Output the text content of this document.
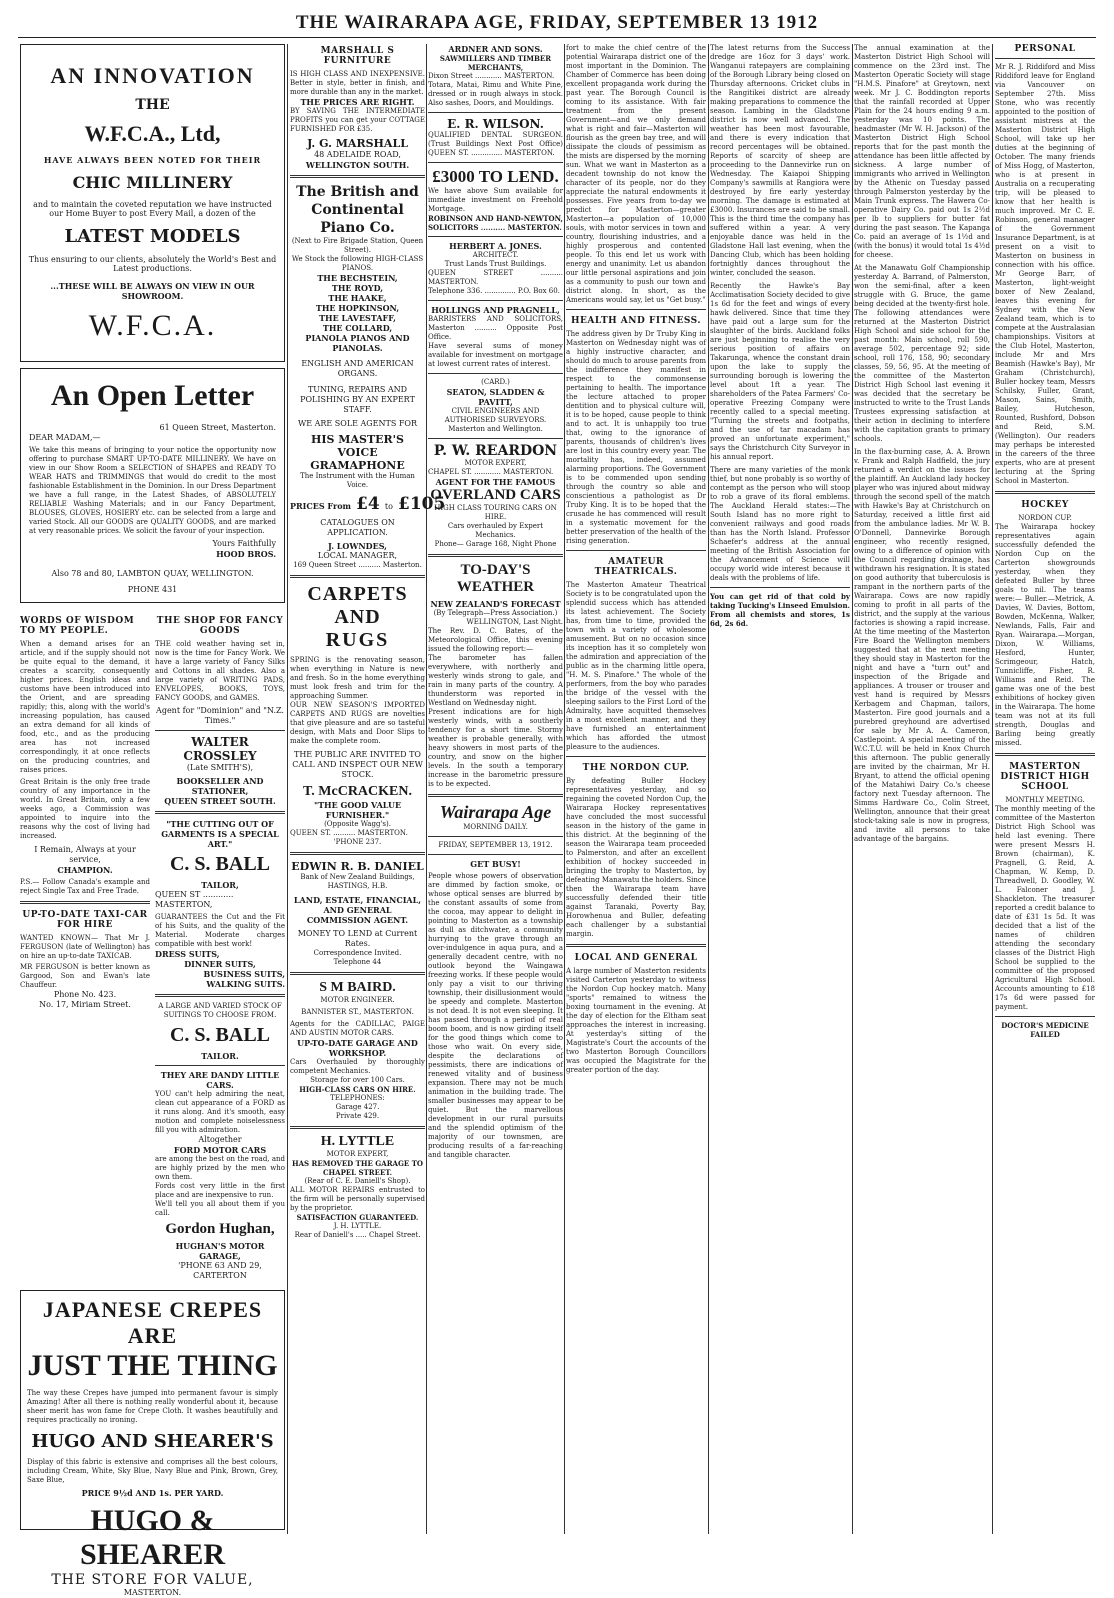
THE WAIRARAPA AGE, FRIDAY, SEPTEMBER 13 1912
AN INNOVATION
THE
W.F.C.A., Ltd,
HAVE ALWAYS BEEN NOTED FOR THEIR
CHIC MILLINERY
and to maintain the coveted reputation we have instructed our Home Buyer to post Every Mail, a dozen of the
LATEST MODELS
Thus ensuring to our clients, absolutely the World's Best and Latest productions.
...THESE WILL BE ALWAYS ON VIEW IN OUR SHOWROOM.
W.F.C.A.
An Open Letter
61 Queen Street, Masterton.
DEAR MADAM,—
We take this means of bringing to your notice the opportunity now offering to purchase SMART UP-TO-DATE MILLINERY. We have on view in our Show Room a SELECTION of SHAPES and READY TO WEAR HATS and TRIMMINGS that would do credit to the most fashionable Establishment in the Dominion. In our Dress Department we have a full range, in the Latest Shades, of ABSOLUTELY RELIABLE Washing Materials; and in our Fancy Department, BLOUSES, GLOVES, HOSIERY etc. can be selected from a large and varied Stock. All our GOODS are QUALITY GOODS, and are marked at very reasonable prices. We solicit the favour of your inspection.
Yours Faithfully
HOOD BROS.
Also 78 and 80, LAMBTON QUAY, WELLINGTON.
PHONE 431
WORDS OF WISDOM TO MY PEOPLE.
When a demand arises for an article, and if the supply should not be quite equal to the demand, it creates a scarcity, consequently higher prices. English ideas and customs have been introduced into the Orient, and are spreading rapidly; this, along with the world's increasing population, has caused an extra demand for all kinds of food, etc., and as the producing area has not increased correspondingly, it at once reflects on the producing countries, and raises prices.
Great Britain is the only free trade country of any importance in the world. In Great Britain, only a few weeks ago, a Commission was appointed to inquire into the reasons why the cost of living had increased.
I Remain, Always at your service,
CHAMPION.
P.S.— Follow Canada's example and reject Single Tax and Free Trade.
UP-TO-DATE TAXI-CAR FOR HIRE
WANTED KNOWN— That Mr J. FERGUSON (late of Wellington) has on hire an up-to-date TAXICAB.
MR FERGUSON is better known as Gargood, Son and Ewan's late Chauffeur.
Phone No. 423.
No. 17, Miriam Street.
THE SHOP FOR FANCY GOODS
THE cold weather having set in, now is the time for Fancy Work. We have a large variety of Fancy Silks and Cottons in all shades. Also a large variety of WRITING PADS, ENVELOPES, BOOKS, TOYS, FANCY GOODS, and GAMES.
Agent for "Dominion" and "N.Z. Times."
WALTER CROSSLEY
(Late SMITH'S),
BOOKSELLER AND STATIONER,
QUEEN STREET SOUTH.
"THE CUTTING OUT OF GARMENTS IS A SPECIAL ART."
C. S. BALL
TAILOR,
QUEEN ST ............ MASTERTON,
GUARANTEES the Cut and the Fit of his Suits, and the quality of the Material. Moderate charges compatible with best work!
DRESS SUITS,
DINNER SUITS,
BUSINESS SUITS,
WALKING SUITS.
A LARGE AND VARIED STOCK OF SUITINGS TO CHOOSE FROM.
C. S. BALL
TAILOR.
THEY ARE DANDY LITTLE CARS.
YOU can't help admiring the neat, clean cut appearance of a FORD as it runs along. And it's smooth, easy motion and complete noiselessness fill you with admiration.
Altogether
FORD MOTOR CARS
are among the best on the road, and are highly prized by the men who own them.
Fords cost very little in the first place and are inexpensive to run.
We'll tell you all about them if you call.
Gordon Hughan,
HUGHAN'S MOTOR GARAGE,
'PHONE 63 AND 29, CARTERTON
JAPANESE CREPES ARE
JUST THE THING
The way these Crepes have jumped into permanent favour is simply Amazing! After all there is nothing really wonderful about it, because sheer merit has won fame for Crepe Cloth. It washes beautifully and requires practically no ironing.
HUGO AND SHEARER'S
Display of this fabric is extensive and comprises all the best colours, including Cream, White, Sky Blue, Navy Blue and Pink, Brown, Grey, Saxe Blue,
PRICE 9½d AND 1s. PER YARD.
HUGO & SHEARER
THE STORE FOR VALUE,
MASTERTON.
MARSHALL S FURNITURE
IS HIGH CLASS AND INEXPENSIVE. Better in style, better in finish, and more durable than any in the market.
THE PRICES ARE RIGHT.
BY SAVING THE INTERMEDIATE PROFITS you can get your COTTAGE FURNISHED FOR £35.
J. G. MARSHALL
48 ADELAIDE ROAD,
WELLINGTON SOUTH.
The British and Continental Piano Co.
(Next to Fire Brigade Station, Queen Street).
We Stock the following HIGH-CLASS PIANOS.
THE BECHSTEIN,
THE ROYD,
THE HAAKE,
THE HOPKINSON,
THE LAVESTAFF,
THE COLLARD,
PIANOLA PIANOS AND PIANOLAS.
ENGLISH AND AMERICAN ORGANS.
TUNING, REPAIRS AND POLISHING BY AN EXPERT STAFF.
WE ARE SOLE AGENTS FOR
HIS MASTER'S VOICE
GRAMAPHONE
The Instrument with the Human Voice.
PRICES From £4 to £105
CATALOGUES ON APPLICATION.
J. LOWNDES,
LOCAL MANAGER,
169 Queen Street .......... Masterton.
CARPETS AND
RUGS
SPRING is the renovating season, when everything in Nature is new and fresh. So in the home everything must look fresh and trim for the approaching Summer.
OUR NEW SEASON'S IMPORTED CARPETS AND RUGS are novelties that give pleasure and are so tasteful design, with Mats and Door Slips to make the complete room.
THE PUBLIC ARE INVITED TO CALL AND INSPECT OUR NEW STOCK.
T. McCRACKEN.
"THE GOOD VALUE FURNISHER."
(Opposite Wagg's).
QUEEN ST. .......... MASTERTON.
'PHONE 237.
EDWIN R. B. DANIEL
Bank of New Zealand Buildings,
HASTINGS, H.B.
LAND, ESTATE, FINANCIAL, AND GENERAL COMMISSION AGENT.
MONEY TO LEND at Current Rates.
Correspondence Invited.
Telephone 44
S M BAIRD.
MOTOR ENGINEER.
BANNISTER ST., MASTERTON.
Agents for the CADILLAC, PAIGE AND AUSTIN MOTOR CARS.
UP-TO-DATE GARAGE AND WORKSHOP.
Cars Overhauled by thoroughly competent Mechanics.
Storage for over 100 Cars.
HIGH-CLASS CARS ON HIRE.
TELEPHONES:
Garage 427.
Private 429.
H. LYTTLE
MOTOR EXPERT,
HAS REMOVED THE GARAGE TO CHAPEL STREET.
(Rear of C. E. Daniell's Shop).
ALL MOTOR REPAIRS entrusted to the firm will be personally supervised by the proprietor.
SATISFACTION GUARANTEED.
J. H. LYTTLE.
Rear of Daniell's ..... Chapel Street.
ARDNER AND SONS.
SAWMILLERS AND TIMBER MERCHANTS,
Dixon Street ............ MASTERTON.
Totara, Matai, Rimu and White Pine, dressed or in rough always in stock. Also sashes, Doors, and Mouldings.
E. R. WILSON.
QUALIFIED DENTAL SURGEON. (Trust Buildings Next Post Office) QUEEN ST. .............. MASTERTON.
£3000 TO LEND.
We have above Sum available for immediate investment on Freehold Mortgage.
ROBINSON AND HAND-NEWTON, SOLICITORS .......... MASTERTON.
HERBERT A. JONES.
ARCHITECT.
Trust Lands Trust Buildings.
QUEEN STREET .......... MASTERTON.
Telephone 336. .............. P.O. Box 60.
HOLLINGS AND PRAGNELL,
BARRISTERS AND SOLICITORS, Masterton .......... Opposite Post Office.
Have several sums of money available for investment on mortgage at lowest current rates of interest.
(CARD.)
SEATON, SLADDEN & PAVITT,
CIVIL ENGINEERS AND AUTHORISED SURVEYORS.
Masterton and Wellington.
P. W. REARDON
MOTOR EXPERT,
CHAPEL ST. ............ MASTERTON.
AGENT FOR THE FAMOUS
OVERLAND CARS
HIGH CLASS TOURING CARS ON HIRE.
Cars overhauled by Expert Mechanics.
Phone— Garage 168, Night Phone
TO-DAY'S WEATHER
NEW ZEALAND'S FORECAST
(By Telegraph—Press Association.)
WELLINGTON, Last Night.
The Rev. D. C. Bates, of the Meteorological Office, this evening issued the following report:—
The barometer has fallen everywhere, with northerly and westerly winds strong to gale, and rain in many parts of the country. A thunderstorm was reported in Westland on Wednesday night.
Present indications are for high westerly winds, with a southerly tendency for a short time. Stormy weather is probable generally, with heavy showers in most parts of the country, and snow on the higher levels. In the south a temporary increase in the barometric pressure is to be expected.
Wairarapa Age
MORNING DAILY.
FRIDAY, SEPTEMBER 13, 1912.
GET BUSY!
People whose powers of observation are dimmed by faction smoke, or whose optical senses are blurred by the constant assaults of some from the cocoa, may appear to delight in pointing to Masterton as a township as dull as ditchwater, a community hurrying to the grave through an over-indulgence in aqua pura, and a generally decadent centre, with no outlook beyond the Waingawa freezing works. If these people would only pay a visit to our thriving township, their disillusionment would be speedy and complete. Masterton is not dead. It is not even sleeping. It has passed through a period of real boom boom, and is now girding itself for the good things which come to those who wait. On every side, despite the declarations of pessimists, there are indications of renewed vitality and of business expansion. There may not be much animation in the building trade. The smaller businesses may appear to be quiet. But the marvellous development in our rural pursuits and the splendid optimism of the majority of our townsmen, are producing results of a far-reaching and tangible character.
fort to make the chief centre of the potential Wairarapa district one of the most important in the Dominion. The Chamber of Commerce has been doing excellent propaganda work during the past year. The Borough Council is coming to its assistance. With fair treatment from the present Government—and we only demand what is right and fair—Masterton will flourish as the green bay tree, and will dissipate the clouds of pessimism as the mists are dispersed by the morning sun. What we want in Masterton as a decadent township do not know the character of its people, nor do they appreciate the natural endowments it possesses. Five years from to-day we predict for Masterton—greater Masterton—a population of 10,000 souls, with motor services in town and country, flourishing industries, and a highly prosperous and contented people. To this end let us work with energy and unanimity. Let us abandon our little personal aspirations and join as a community to push our town and district along. In short, as the Americans would say, let us "Get busy."
HEALTH AND FITNESS.
The address given by Dr Truby King in Masterton on Wednesday night was of a highly instructive character, and should do much to arouse parents from the indifference they manifest in respect to the commonsense pertaining to health. The importance the lecture attached to proper dentition and to physical culture will, it is to be hoped, cause people to think and to act. It is unhappily too true that, owing to the ignorance of parents, thousands of children's lives are lost in this country every year. The mortality has, indeed, assumed alarming proportions. The Government is to be commended upon sending through the country so able and conscientious a pathologist as Dr Truby King. It is to be hoped that the crusade he has commenced will result in a systematic movement for the better preservation of the health of the rising generation.
AMATEUR THEATRICALS.
The Masterton Amateur Theatrical Society is to be congratulated upon the splendid success which has attended its latest achievement. The Society has, from time to time, provided the town with a variety of wholesome amusement. But on no occasion since its inception has it so completely won the admiration and appreciation of the public as in the charming little opera, "H. M. S. Pinafore." The whole of the performers, from the boy who parades the bridge of the vessel with the sleeping sailors to the First Lord of the Admiralty, have acquitted themselves in a most excellent manner, and they have furnished an entertainment which has afforded the utmost pleasure to the audiences.
THE NORDON CUP.
By defeating Buller Hockey representatives yesterday, and so regaining the coveted Nordon Cup, the Wairarapa Hockey representatives have concluded the most successful season in the history of the game in this district. At the beginning of the season the Wairarapa team proceeded to Palmerston, and after an excellent exhibition of hockey succeeded in bringing the trophy to Masterton, by defeating Manawatu the holders. Since then the Wairarapa team have successfully defended their title against Taranaki, Poverty Bay, Horowhenua and Buller, defeating each challenger by a substantial margin.
LOCAL AND GENERAL
A large number of Masterton residents visited Carterton yesterday to witness the Nordon Cup hockey match. Many "sports" remained to witness the boxing tournament in the evening. At the day of election for the Eltham seat approaches the interest in increasing. At yesterday's sitting of the Magistrate's Court the accounts of the two Masterton Borough Councillors was occupied the Magistrate for the greater portion of the day.
The latest returns from the Success dredge are 16oz for 3 days' work. Wanganui ratepayers are complaining of the Borough Library being closed on Thursday afternoons. Cricket clubs in the Rangitikei district are already making preparations to commence the season. Lambing in the Gladstone district is now well advanced. The weather has been most favourable, and there is every indication that record percentages will be obtained. Reports of scarcity of sheep are proceeding to the Dannevirke run on Wednesday. The Kaiapoi Shipping Company's sawmills at Rangiora were destroyed by fire early yesterday morning. The damage is estimated at £3000. Insurances are said to be small. This is the third time the company has suffered within a year. A very enjoyable dance was held in the Gladstone Hall last evening, when the Dancing Club, which has been holding fortnightly dances throughout the winter, concluded the season.
Recently the Hawke's Bay Acclimatisation Society decided to give 1s 6d for the feet and wings of every hawk delivered. Since that time they have paid out a large sum for the slaughter of the birds. Auckland folks are just beginning to realise the very serious position of affairs on Takarunga, whence the constant drain upon the lake to supply the surrounding borough is lowering the level about 1ft a year. The shareholders of the Patea Farmers' Co-operative Freezing Company were recently called to a special meeting. "Turning the streets and footpaths, and the use of tar macadam has proved an unfortunate experiment," says the Christchurch City Surveyor in his annual report.
There are many varieties of the monk thief, but none probably is so worthy of contempt as the person who will stoop to rob a grave of its floral emblems. The Auckland Herald states:—The South Island has no more right to convenient railways and good roads than has the North Island. Professor Schaefer's address at the annual meeting of the British Association for the Advancement of Science will occupy world wide interest because it deals with the problems of life.
You can get rid of that cold by taking Tucking's Linseed Emulsion. From all chemists and stores, 1s 6d, 2s 6d.
The annual examination at the Masterton District High School will commence on the 23rd inst. The Masterton Operatic Society will stage "H.M.S. Pinafore" at Greytown, next week. Mr J. C. Boddington reports that the rainfall recorded at Upper Plain for the 24 hours ending 9 a.m. yesterday was 10 points. The headmaster (Mr W. H. Jackson) of the Masterton District High School reports that for the past month the attendance has been little affected by sickness. A large number of immigrants who arrived in Wellington by the Athenic on Tuesday passed through Palmerston yesterday by the Main Trunk express. The Hawera Co-operative Dairy Co. paid out 1s 2½d per lb to suppliers for butter fat during the past season. The Kapanga Co. paid an average of 1s 1½d and (with the bonus) it would total 1s 4½d for cheese.
At the Manawatu Golf Championship yesterday A. Barrand, of Palmerston, won the semi-final, after a keen struggle with G. Bruce, the game being decided at the twenty-first hole. The following attendances were returned at the Masterton District High School and side school for the past month: Main school, roll 590, average 502, percentage 92; side school, roll 176, 158, 90; secondary classes, 59, 56, 95. At the meeting of the committee of the Masterton District High School last evening it was decided that the secretary be instructed to write to the Trust Lands Trustees expressing satisfaction at their action in declining to interfere with the capitation grants to primary schools.
In the flax-burning case, A. A. Brown v. Frank and Ralph Hadfield, the jury returned a verdict on the issues for the plaintiff. An Auckland lady hockey player who was injured about midway through the second spell of the match with Hawke's Bay at Christchurch on Saturday, received a little first aid from the ambulance ladies. Mr W. B. O'Donnell, Dannevirke Borough engineer, who recently resigned, owing to a difference of opinion with the Council regarding drainage, has withdrawn his resignation. It is stated on good authority that tuberculosis is rampant in the northern parts of the Wairarapa. Cows are now rapidly coming to profit in all parts of the district, and the supply at the various factories is showing a rapid increase. At the time meeting of the Masterton Fire Board the Wellington members suggested that at the next meeting they should stay in Masterton for the night and have a "turn out" and inspection of the Brigade and appliances. A trouser or trouser and vest hand is required by Messrs Kerbagem and Chapman, tailors, Masterton. Fire good journals and a purebred greyhound are advertised for sale by Mr A. A. Cameron, Castlepoint. A special meeting of the W.C.T.U. will be held in Knox Church this afternoon. The public generally are invited by the chairman, Mr H. Bryant, to attend the official opening of the Matahiwi Dairy Co.'s cheese factory next Tuesday afternoon. The Simms Hardware Co., Colin Street, Wellington, announce that their great stock-taking sale is now in progress, and invite all persons to take advantage of the bargains.
PERSONAL
Mr R. J. Riddiford and Miss Riddiford leave for England via Vancouver on September 27th. Miss Stone, who was recently appointed to the position of assistant mistress at the Masterton District High School, will take up her duties at the beginning of October. The many friends of Miss Hogg, of Masterton, who is at present in Australia on a recuperating trip, will be pleased to know that her health is much improved. Mr C. E. Robinson, general manager of the Government Insurance Department, is at present on a visit to Masterton on business in connection with his office. Mr George Barr, of Masterton, light-weight boxer of New Zealand, leaves this evening for Sydney with the New Zealand team, which is to compete at the Australasian championships. Visitors at the Club Hotel, Masterton, include Mr and Mrs Beamish (Hawke's Bay), Mr Graham (Christchurch), Buller hockey team, Messrs Schilsky, Fuller, Grant, Mason, Sains, Smith, Bailey, Hutcheson, Rounted, Rushford, Dobson and Reid, S.M. (Wellington). Our readers may perhaps be interested in the careers of the three experts, who are at present lecturing at the Spring School in Masterton.
HOCKEY
NORDON CUP.
The Wairarapa hockey representatives again successfully defended the Nordon Cup on the Carterton showgrounds yesterday, when they defeated Buller by three goals to nil. The teams were:— Buller.—Metrick, A. Davies, W. Davies, Bottom, Bowden, McKenna, Walker, Newlands, Falls, Fair and Ryan. Wairarapa.—Morgan, Dixon, W. Williams, Hesford, Hunter, Scrimgeour, Hatch, Tunnicliffe, Fisher, R. Williams and Reid. The game was one of the best exhibitions of hockey given in the Wairarapa. The home team was not at its full strength, Douglas and Barling being greatly missed.
MASTERTON DISTRICT HIGH SCHOOL
MONTHLY MEETING.
The monthly meeting of the committee of the Masterton District High School was held last evening. There were present Messrs H. Brown (chairman), K. Pragnell, G. Reid, A. Chapman, W. Kemp, D. Threadwell, D. Goodley, W. L. Falconer and J. Shackleton. The treasurer reported a credit balance to date of £31 1s 5d. It was decided that a list of the names of children attending the secondary classes of the District High School be supplied to the committee of the proposed Agricultural High School. Accounts amounting to £18 17s 6d were passed for payment.
DOCTOR'S MEDICINE FAILED
